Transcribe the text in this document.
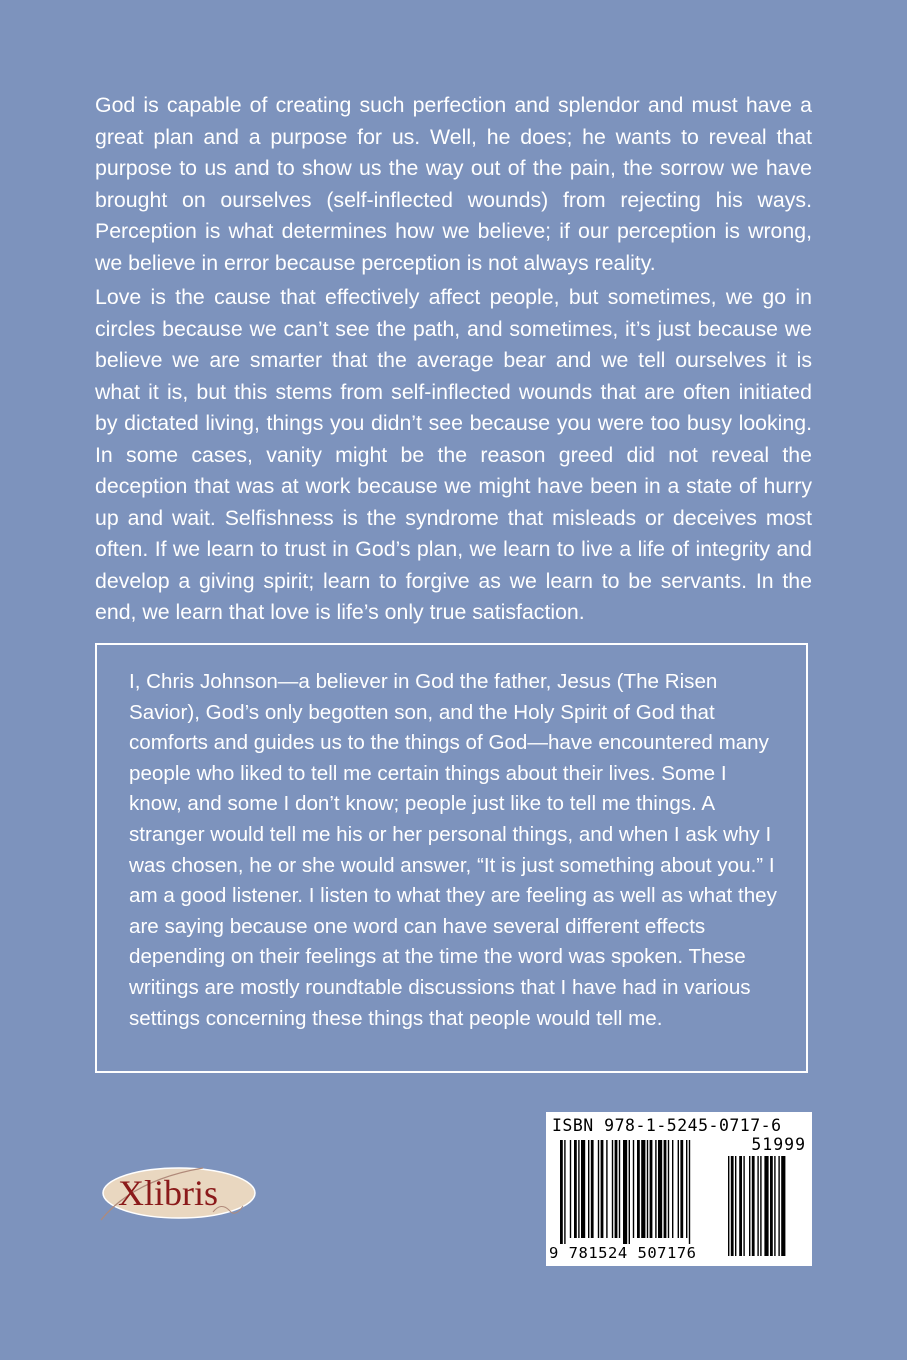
God is capable of creating such perfection and splendor and must have a great plan and a purpose for us. Well, he does; he wants to reveal that purpose to us and to show us the way out of the pain, the sorrow we have brought on ourselves (self-inflected wounds) from rejecting his ways. Perception is what determines how we believe; if our perception is wrong, we believe in error because perception is not always reality.

Love is the cause that effectively affect people, but sometimes, we go in circles because we can’t see the path, and sometimes, it’s just because we believe we are smarter that the average bear and we tell ourselves it is what it is, but this stems from self-inflected wounds that are often initiated by dictated living, things you didn’t see because you were too busy looking. In some cases, vanity might be the reason greed did not reveal the deception that was at work because we might have been in a state of hurry up and wait. Selfishness is the syndrome that misleads or deceives most often. If we learn to trust in God’s plan, we learn to live a life of integrity and develop a giving spirit; learn to forgive as we learn to be servants. In the end, we learn that love is life’s only true satisfaction.

I, Chris Johnson—a believer in God the father, Jesus (The Risen Savior), God’s only begotten son, and the Holy Spirit of God that comforts and guides us to the things of God—have encountered many people who liked to tell me certain things about their lives. Some I know, and some I don’t know; people just like to tell me things. A stranger would tell me his or her personal things, and when I ask why I was chosen, he or she would answer, “It is just something about you.” I am a good listener. I listen to what they are feeling as well as what they are saying because one word can have several different effects depending on their feelings at the time the word was spoken. These writings are mostly roundtable discussions that I have had in various settings concerning these things that people would tell me.

Xlibris
ISBN 978-1-5245-0717-6
51999
9 781524 507176
